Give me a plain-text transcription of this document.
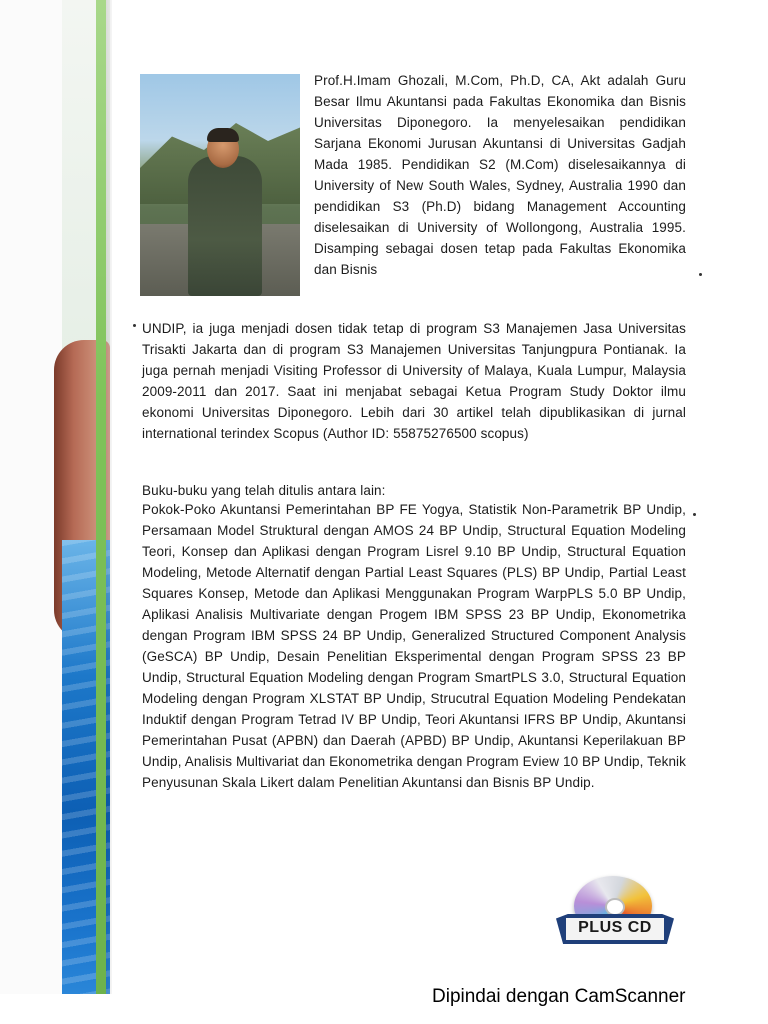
Prof.H.Imam Ghozali, M.Com, Ph.D, CA, Akt adalah Guru Besar Ilmu Akuntansi pada Fakultas Ekonomika dan Bisnis Universitas Diponegoro. Ia menyelesaikan pendidikan Sarjana Ekonomi Jurusan Akuntansi di Universitas Gadjah Mada 1985. Pendidikan S2 (M.Com) diselesaikannya di University of New South Wales, Sydney, Australia 1990 dan pendidikan S3 (Ph.D) bidang Management Accounting diselesaikan di University of Wollongong, Australia 1995. Disamping sebagai dosen tetap pada Fakultas Ekonomika dan Bisnis

UNDIP, ia juga menjadi dosen tidak tetap di program S3 Manajemen Jasa Universitas Trisakti Jakarta dan di program S3 Manajemen Universitas Tanjungpura Pontianak. Ia juga pernah menjadi Visiting Professor di University of Malaya, Kuala Lumpur, Malaysia 2009-2011 dan 2017. Saat ini menjabat sebagai Ketua Program Study Doktor ilmu ekonomi Universitas Diponegoro. Lebih dari 30 artikel telah dipublikasikan di jurnal international terindex Scopus (Author ID: 55875276500 scopus)

Buku-buku yang telah ditulis antara lain:

Pokok-Poko Akuntansi Pemerintahan BP FE Yogya, Statistik Non-Parametrik BP Undip, Persamaan Model Struktural dengan AMOS 24 BP Undip, Structural Equation Modeling Teori, Konsep dan Aplikasi dengan Program Lisrel 9.10 BP Undip, Structural Equation Modeling, Metode Alternatif dengan Partial Least Squares (PLS) BP Undip, Partial Least Squares Konsep, Metode dan Aplikasi Menggunakan Program WarpPLS 5.0 BP Undip, Aplikasi Analisis Multivariate dengan Progem IBM SPSS 23 BP Undip, Ekonometrika dengan Program IBM SPSS 24 BP Undip, Generalized Structured Component Analysis (GeSCA) BP Undip, Desain Penelitian Eksperimental dengan Program SPSS 23 BP Undip, Structural Equation Modeling dengan Program SmartPLS 3.0, Structural Equation Modeling dengan Program XLSTAT BP Undip, Strucutral Equation Modeling Pendekatan Induktif dengan Program Tetrad IV BP Undip, Teori Akuntansi IFRS BP Undip, Akuntansi Pemerintahan Pusat (APBN) dan Daerah (APBD) BP Undip, Akuntansi Keperilakuan BP Undip, Analisis Multivariat dan Ekonometrika dengan Program Eview 10 BP Undip, Teknik Penyusunan Skala Likert dalam Penelitian Akuntansi dan Bisnis BP Undip.

PLUS CD
Dipindai dengan CamScanner
